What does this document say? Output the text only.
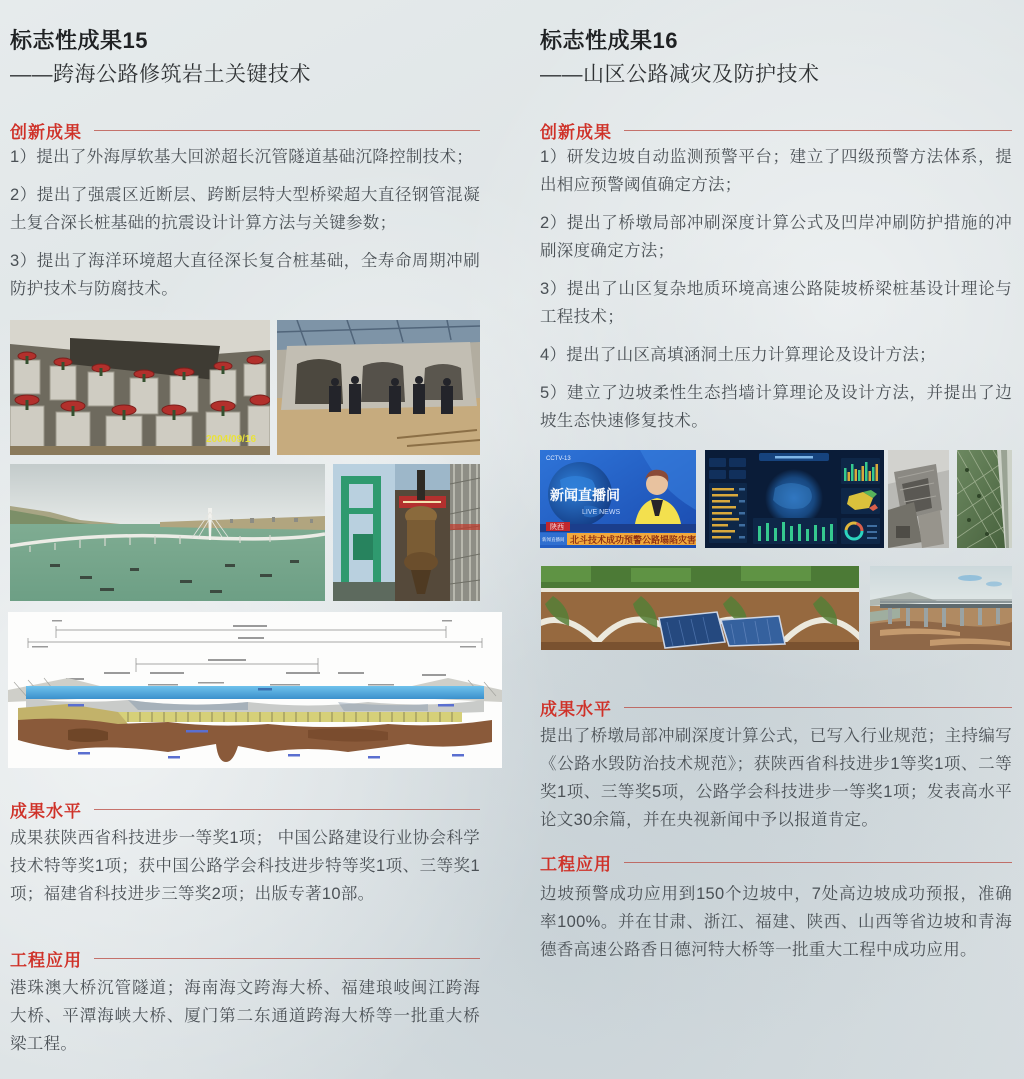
标志性成果15
——跨海公路修筑岩土关键技术
创新成果

1）提出了外海厚软基大回淤超长沉管隧道基础沉降控制技术；

2）提出了强震区近断层、跨断层特大型桥梁超大直径钢管混凝土复合深长桩基础的抗震设计计算方法与关键参数；

3）提出了海洋环境超大直径深长复合桩基础，全寿命周期冲刷防护技术与防腐技术。

2004/09/16
成果水平
成果获陕西省科技进步一等奖1项； 中国公路建设行业协会科学技术特等奖1项；获中国公路学会科技进步特等奖1项、三等奖1项；福建省科技进步三等奖2项；出版专著10部。
工程应用
港珠澳大桥沉管隧道；海南海文跨海大桥、福建琅岐闽江跨海大桥、平潭海峡大桥、厦门第二东通道跨海大桥等一批重大桥梁工程。
标志性成果16
——山区公路减灾及防护技术
创新成果

1）研发边坡自动监测预警平台；建立了四级预警方法体系，提出相应预警阈值确定方法；

2）提出了桥墩局部冲刷深度计算公式及凹岸冲刷防护措施的冲刷深度确定方法；

3）提出了山区复杂地质环境高速公路陡坡桥梁桩基设计理论与工程技术；

4）提出了山区高填涵洞土压力计算理论及设计方法；

5）建立了边坡柔性生态挡墙计算理论及设计方法，并提出了边坡生态快速修复技术。

新闻直播间
LIVE NEWS
CCTV-13
陕西
新闻直播间 北斗技术成功预警公路塌陷灾害
成果水平
提出了桥墩局部冲刷深度计算公式，已写入行业规范；主持编写《公路水毁防治技术规范》；获陕西省科技进步1等奖1项、二等奖1项、三等奖5项，公路学会科技进步一等奖1项；发表高水平论文30余篇，并在央视新闻中予以报道肯定。
工程应用
边坡预警成功应用到150个边坡中，7处高边坡成功预报，准确率100%。并在甘肃、浙江、福建、陕西、山西等省边坡和青海德香高速公路香日德河特大桥等一批重大工程中成功应用。
